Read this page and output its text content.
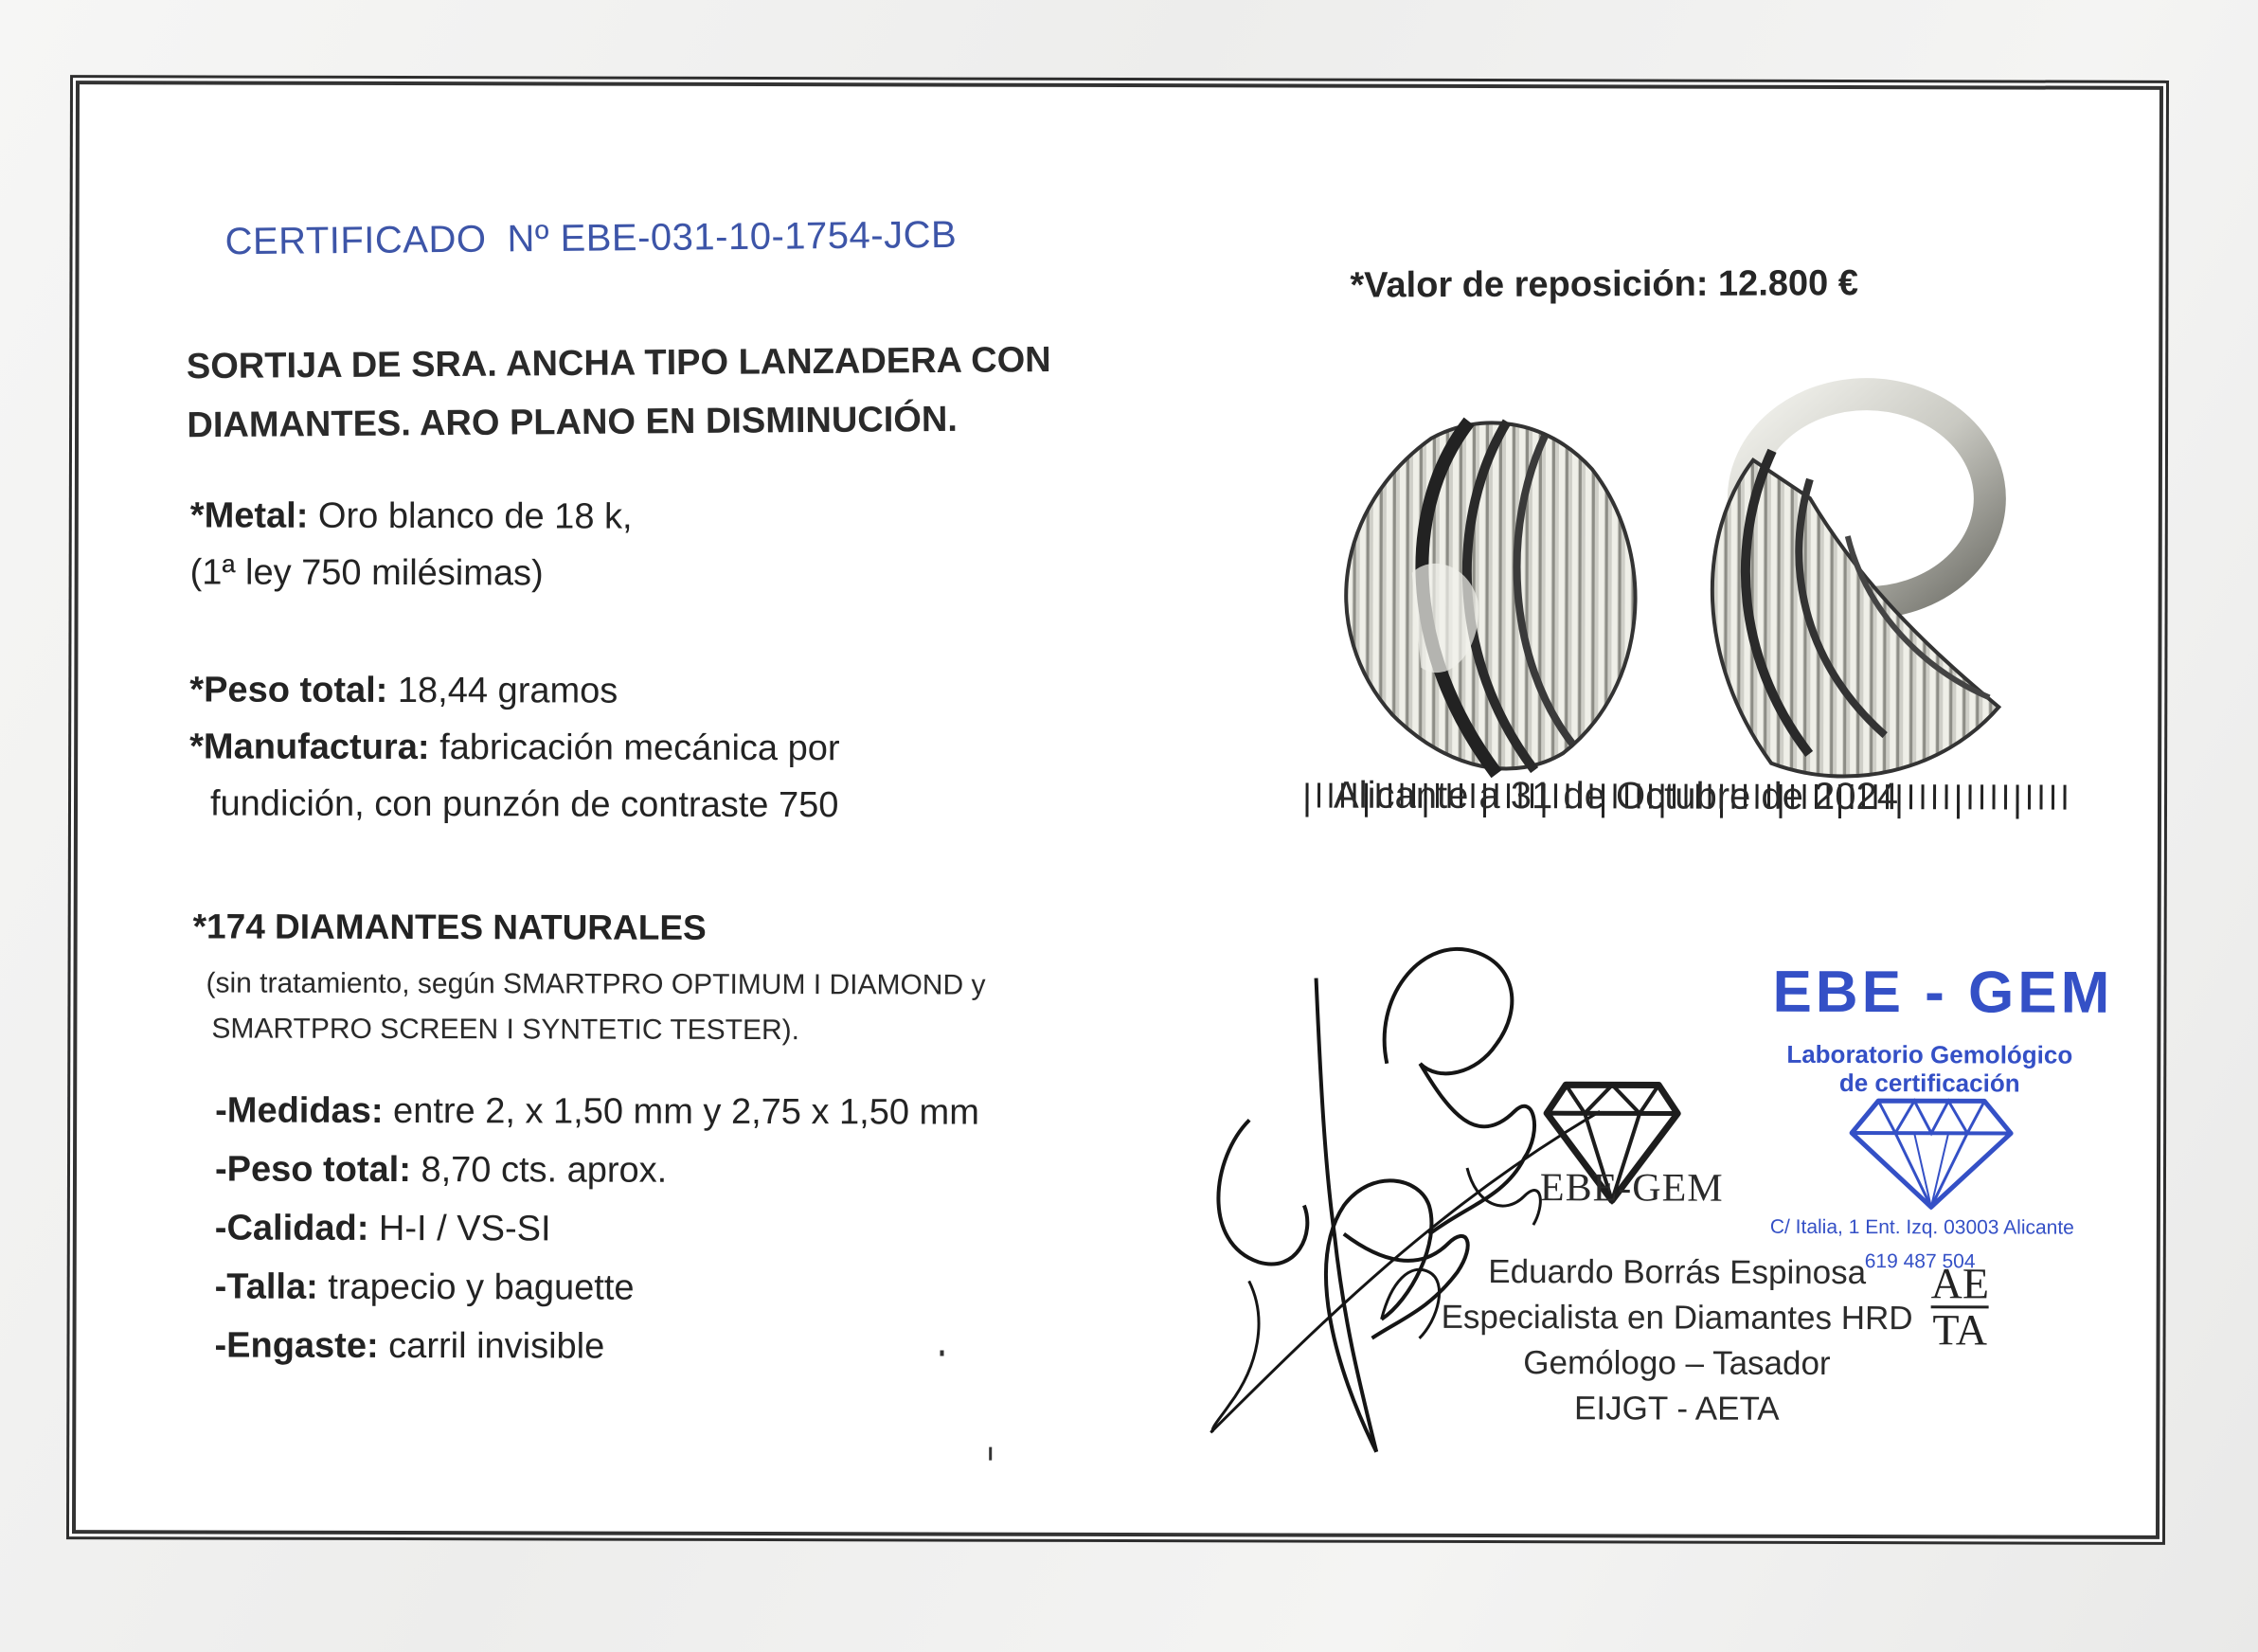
CERTIFICADO Nº EBE-031-10-1754-JCB
SORTIJA DE SRA. ANCHA TIPO LANZADERA CON
DIAMANTES. ARO PLANO EN DISMINUCIÓN.
*Metal: Oro blanco de 18 k,
(1ª ley 750 milésimas)
*Peso total: 18,44 gramos
*Manufactura: fabricación mecánica por
fundición, con punzón de contraste 750
*174 DIAMANTES NATURALES
(sin tratamiento, según SMARTPRO OPTIMUM I DIAMOND y
SMARTPRO SCREEN I SYNTETIC TESTER).
-Medidas: entre 2, x 1,50 mm y 2,75 x 1,50 mm
-Peso total: 8,70 cts. aprox.
-Calidad: H-I / VS-SI
-Talla: trapecio y baguette
-Engaste: carril invisible
*Valor de reposición: 12.800 €
Alicante a 31 de Octubre de 2024
EBE-GEM
Eduardo Borrás Espinosa
Especialista en Diamantes HRD
Gemólogo – Tasador
EIJGT - AETA
EBE - GEM
Laboratorio Gemológico
de certificación
C/ Italia, 1 Ent. Izq. 03003 Alicante
619 487 504
AE
TA
